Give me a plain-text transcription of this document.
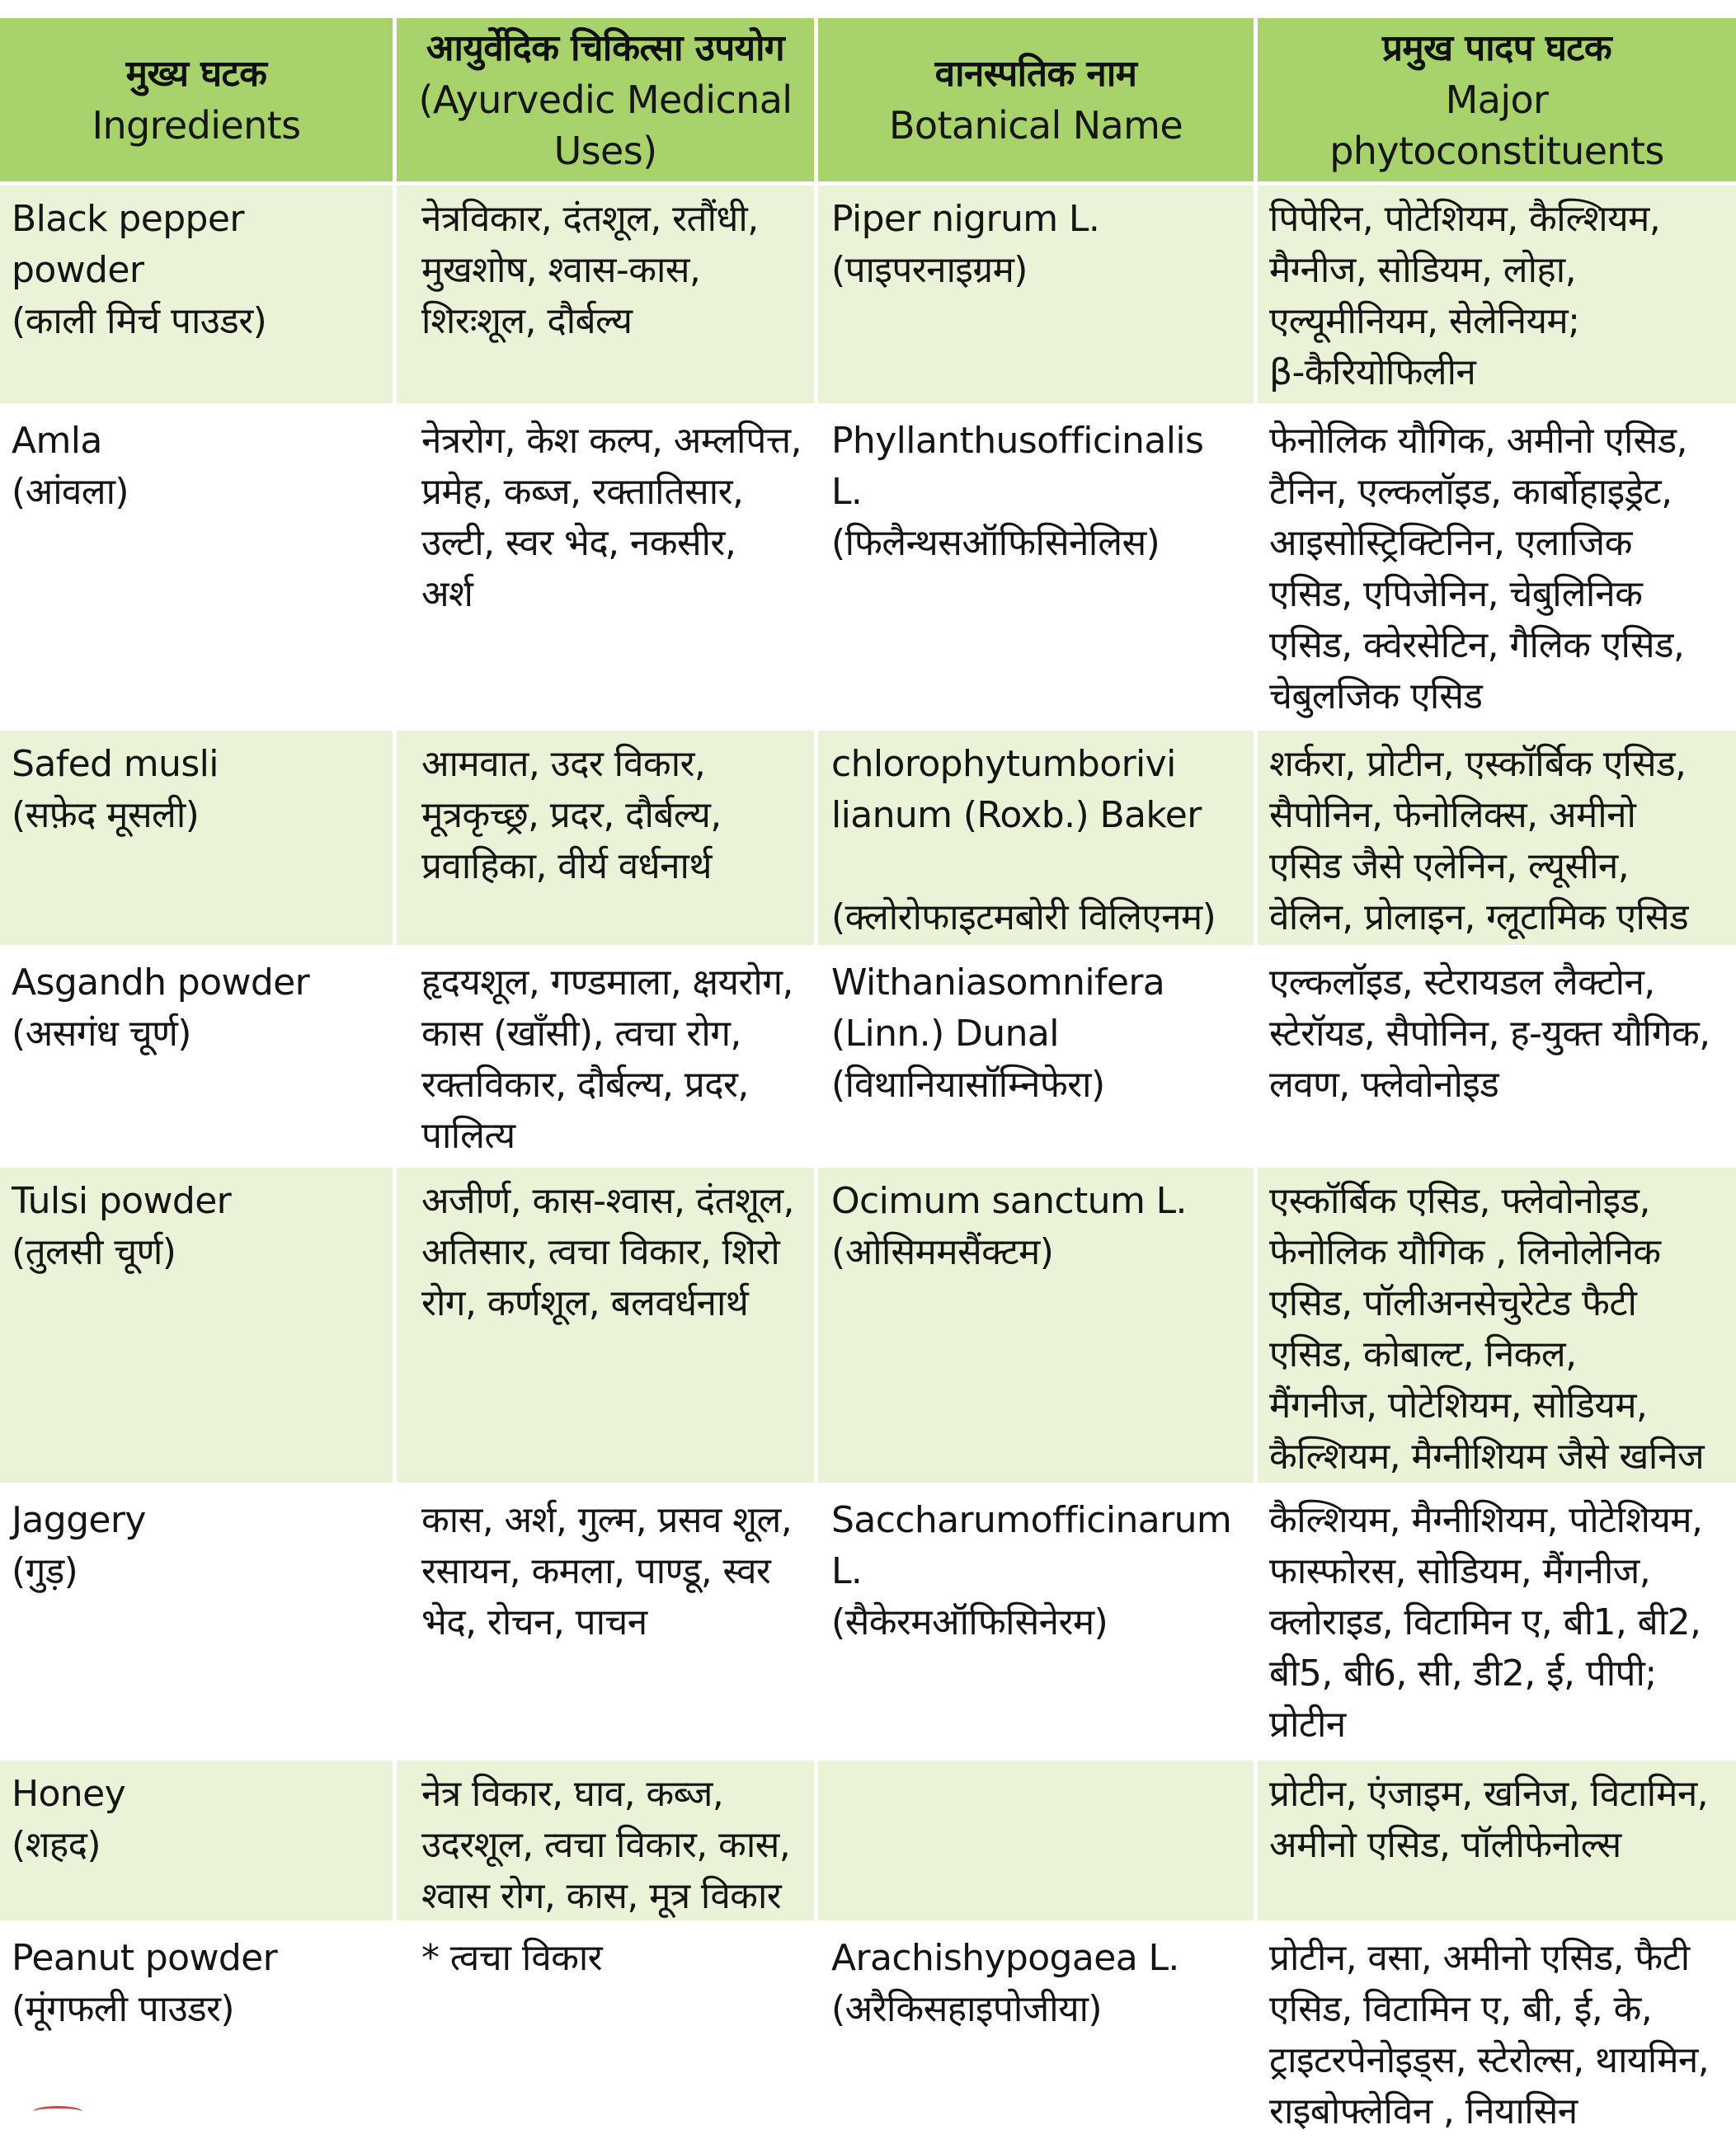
मुख्य घटक
Ingredients
आयुर्वेदिक चिकित्सा उपयोग
(Ayurvedic Medicnal
Uses)
वानस्पतिक नाम
Botanical Name
प्रमुख पादप घटक
Major
phytoconstituents
Black pepper
powder
(काली मिर्च पाउडर)
नेत्रविकार, दंतशूल, रतौंधी,
मुखशोष, श्वास-कास,
शिरःशूल, दौर्बल्य
Piper nigrum L.
(पाइपरनाइग्रम)
पिपेरिन, पोटेशियम, कैल्शियम,
मैग्नीज, सोडियम, लोहा,
एल्यूमीनियम, सेलेनियम;
β-कैरियोफिलीन
Amla
(आंवला)
नेत्ररोग, केश कल्प, अम्लपित्त,
प्रमेह, कब्ज, रक्तातिसार,
उल्टी, स्वर भेद, नकसीर,
अर्श
Phyllanthusofficinalis
L.
(फिलैन्थसऑफिसिनेलिस)
फेनोलिक यौगिक, अमीनो एसिड,
टैनिन, एल्कलॉइड, कार्बोहाइड्रेट,
आइसोस्ट्रिक्टिनिन, एलाजिक
एसिड, एपिजेनिन, चेबुलिनिक
एसिड, क्वेरसेटिन, गैलिक एसिड,
चेबुलजिक एसिड
Safed musli
(सफ़ेद मूसली)
आमवात, उदर विकार,
मूत्रकृच्छ्र, प्रदर, दौर्बल्य,
प्रवाहिका, वीर्य वर्धनार्थ
chlorophytumborivi
lianum (Roxb.) Baker
(क्लोरोफाइटमबोरी विलिएनम)
शर्करा, प्रोटीन, एस्कॉर्बिक एसिड,
सैपोनिन, फेनोलिक्स, अमीनो
एसिड जैसे एलेनिन, ल्यूसीन,
वेलिन, प्रोलाइन, ग्लूटामिक एसिड
Asgandh powder
(असगंध चूर्ण)
हृदयशूल, गण्डमाला, क्षयरोग,
कास (खाँसी), त्वचा रोग,
रक्तविकार, दौर्बल्य, प्रदर,
पालित्य
Withaniasomnifera
(Linn.) Dunal
(विथानियासॉम्निफेरा)
एल्कलॉइड, स्टेरायडल लैक्टोन,
स्टेरॉयड, सैपोनिन, ह-युक्त यौगिक,
लवण, फ्लेवोनोइड
Tulsi powder
(तुलसी चूर्ण)
अजीर्ण, कास-श्वास, दंतशूल,
अतिसार, त्वचा विकार, शिरो
रोग, कर्णशूल, बलवर्धनार्थ
Ocimum sanctum L.
(ओसिममसैंक्टम)
एस्कॉर्बिक एसिड, फ्लेवोनोइड,
फेनोलिक यौगिक , लिनोलेनिक
एसिड, पॉलीअनसेचुरेटेड फैटी
एसिड, कोबाल्ट, निकल,
मैंगनीज, पोटेशियम, सोडियम,
कैल्शियम, मैग्नीशियम जैसे खनिज
Jaggery
(गुड़)
कास, अर्श, गुल्म, प्रसव शूल,
रसायन, कमला, पाण्डू, स्वर
भेद, रोचन, पाचन
Saccharumofficinarum
L.
(सैकेरमऑफिसिनेरम)
कैल्शियम, मैग्नीशियम, पोटेशियम,
फास्फोरस, सोडियम, मैंगनीज,
क्लोराइड, विटामिन ए, बी1, बी2,
बी5, बी6, सी, डी2, ई, पीपी;
प्रोटीन
Honey
(शहद)
नेत्र विकार, घाव, कब्ज,
उदरशूल, त्वचा विकार, कास,
श्वास रोग, कास, मूत्र विकार
प्रोटीन, एंजाइम, खनिज, विटामिन,
अमीनो एसिड, पॉलीफेनोल्स
Peanut powder
(मूंगफली पाउडर)
* त्वचा विकार	Arachishypogaea L.
(अरैकिसहाइपोजीया)
प्रोटीन, वसा, अमीनो एसिड, फैटी
एसिड, विटामिन ए, बी, ई, के,
ट्राइटरपेनोइड्स, स्टेरोल्स, थायमिन,
राइबोफ्लेविन , नियासिन
